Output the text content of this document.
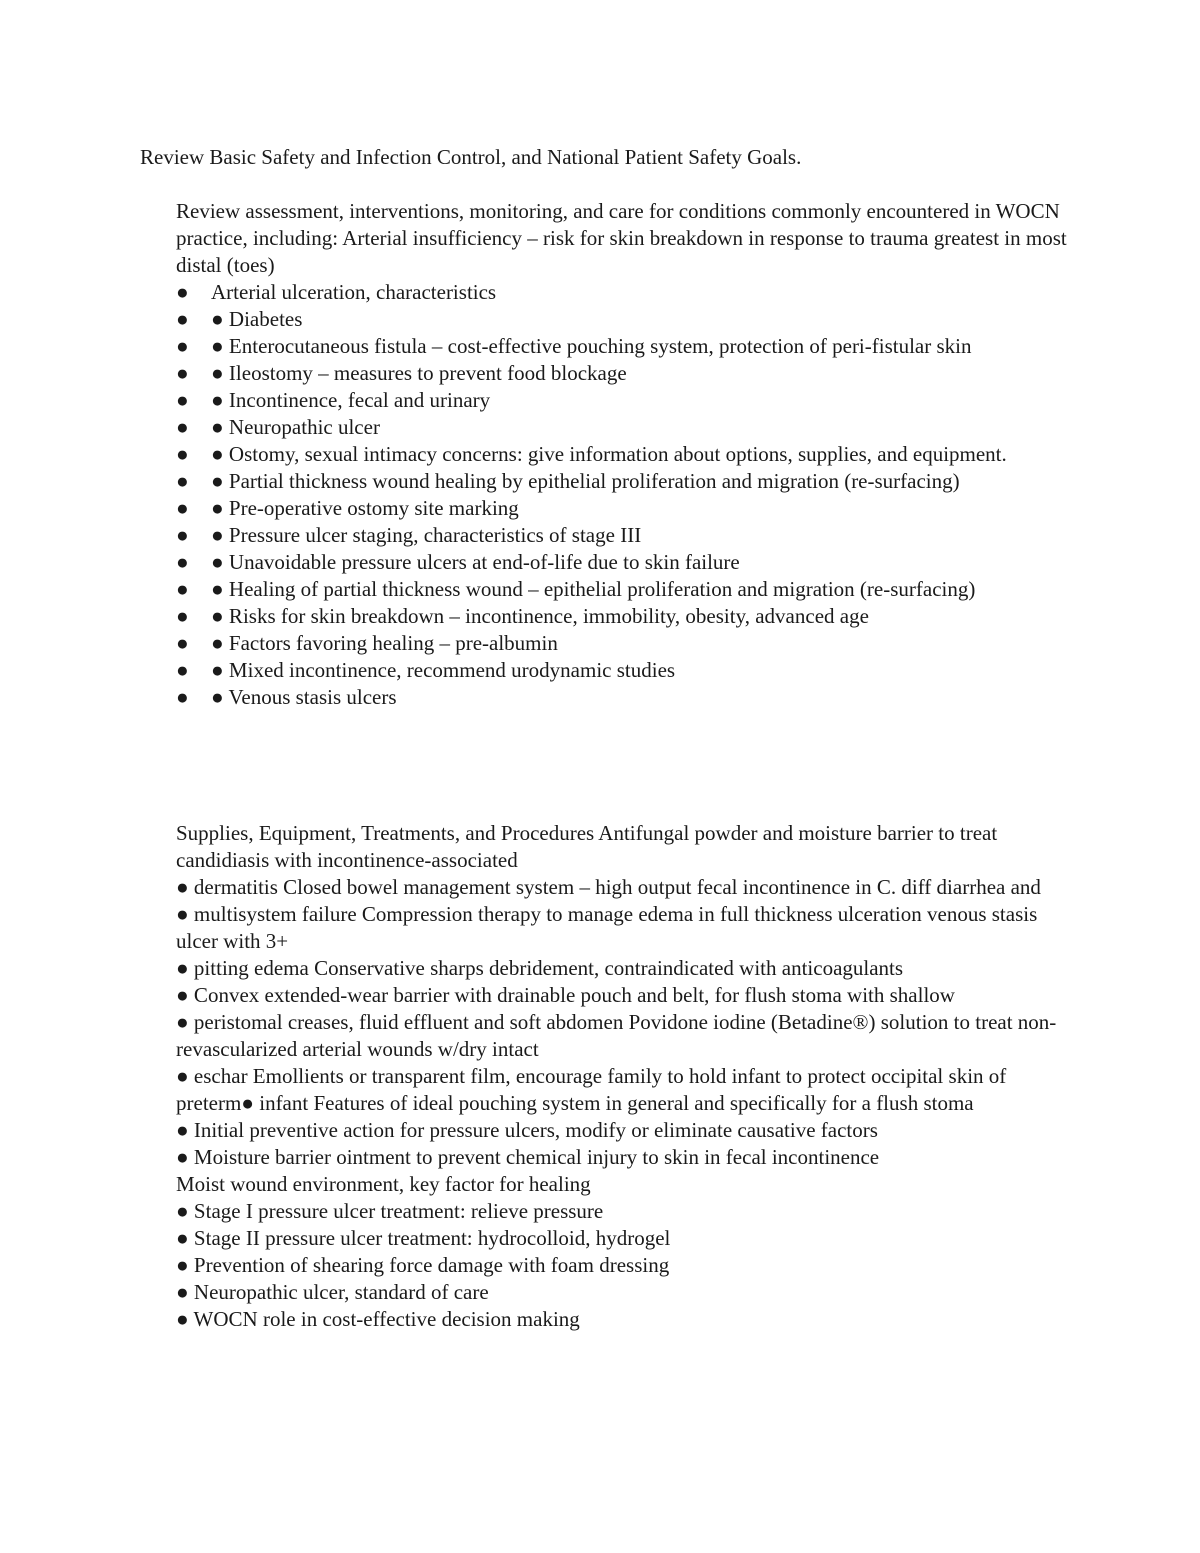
Review Basic Safety and Infection Control, and National Patient Safety Goals.

Review assessment, interventions, monitoring, and care for conditions commonly encountered in WOCN practice, including: Arterial insufficiency – risk for skin breakdown in response to trauma greatest in most distal (toes)

● Arterial ulceration, characteristics
● ● Diabetes
● ● Enterocutaneous fistula – cost-effective pouching system, protection of peri-fistular skin
● ● Ileostomy – measures to prevent food blockage
● ● Incontinence, fecal and urinary
● ● Neuropathic ulcer
● ● Ostomy, sexual intimacy concerns: give information about options, supplies, and equipment.
● ● Partial thickness wound healing by epithelial proliferation and migration (re-surfacing)
● ● Pre-operative ostomy site marking
● ● Pressure ulcer staging, characteristics of stage III
● ● Unavoidable pressure ulcers at end-of-life due to skin failure
● ● Healing of partial thickness wound – epithelial proliferation and migration (re-surfacing)
● ● Risks for skin breakdown – incontinence, immobility, obesity, advanced age
● ● Factors favoring healing – pre-albumin
● ● Mixed incontinence, recommend urodynamic studies
● ● Venous stasis ulcers
Supplies, Equipment, Treatments, and Procedures Antifungal powder and moisture barrier to treat candidiasis with incontinence-associated
● dermatitis Closed bowel management system – high output fecal incontinence in C. diff diarrhea and
● multisystem failure Compression therapy to manage edema in full thickness ulceration venous stasis ulcer with 3+
● pitting edema Conservative sharps debridement, contraindicated with anticoagulants
● Convex extended-wear barrier with drainable pouch and belt, for flush stoma with shallow
● peristomal creases, fluid effluent and soft abdomen Povidone iodine (Betadine®) solution to treat non-revascularized arterial wounds w/dry intact
● eschar Emollients or transparent film, encourage family to hold infant to protect occipital skin of preterm● infant Features of ideal pouching system in general and specifically for a flush stoma
● Initial preventive action for pressure ulcers, modify or eliminate causative factors
● Moisture barrier ointment to prevent chemical injury to skin in fecal incontinence
Moist wound environment, key factor for healing
● Stage I pressure ulcer treatment: relieve pressure
● Stage II pressure ulcer treatment: hydrocolloid, hydrogel
● Prevention of shearing force damage with foam dressing
● Neuropathic ulcer, standard of care
● WOCN role in cost-effective decision making
